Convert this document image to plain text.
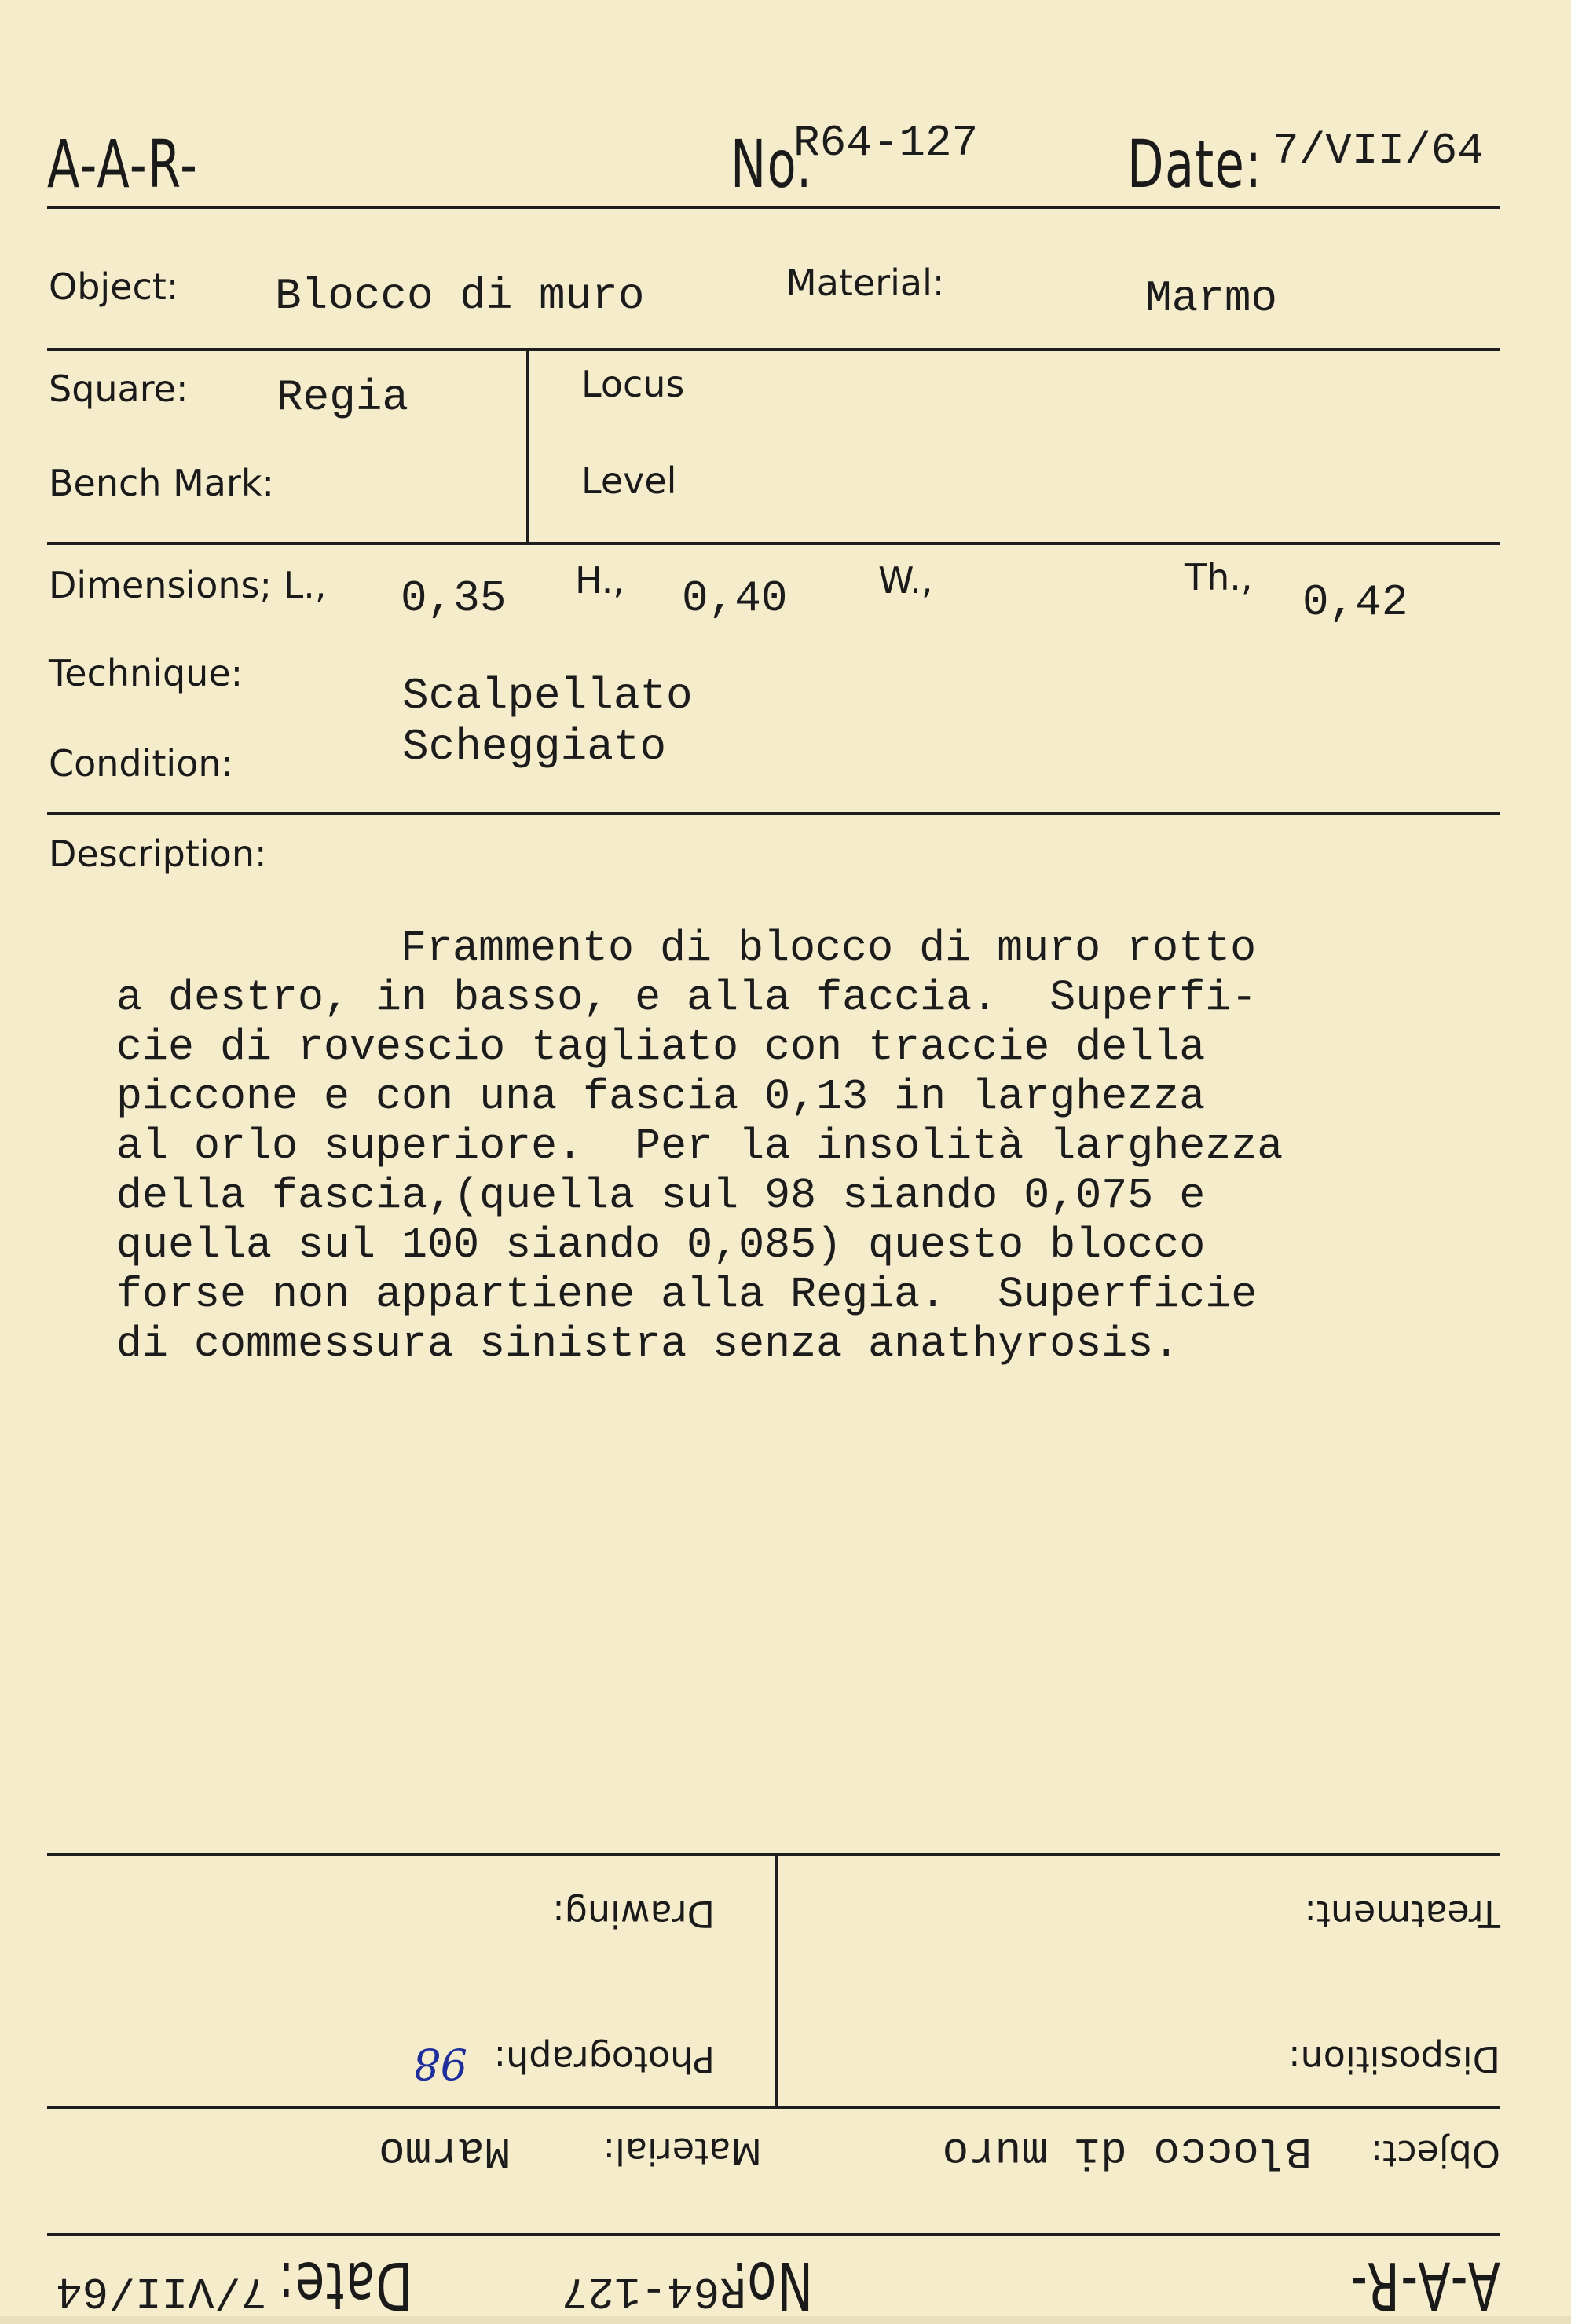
A-A-R-	No.
R64-127 Date: 7/VII/64
Object: Blocco di muro	Material:	Marmo
Square: Regia	Locus
Bench Mark:	Level
Dimensions; L., 0,35 H., 0,40	W.,	Th., 0,42
Technique:	Scalpellato
Condition:	Scheggiato
Description:
Frammento di blocco di muro rotto
a destro, in basso, e alla faccia.  Superfi-
cie di rovescio tagliato con traccie della
piccone e con una fascia 0,13 in larghezza
al orlo superiore.  Per la insolità larghezza
della fascia,(quella sul 98 siando 0,075 e
quella sul 100 siando 0,085) questo blocco
forse non appartiene alla Regia.  Superficie
di commessura sinistra senza anathyrosis.
A-A-R-
No.
R64-127
Date:
7/VII/64
Object:
Blocco di muro
Material:
Marmo
Disposition:
Photograph:
98
Treatment:
Drawing:
